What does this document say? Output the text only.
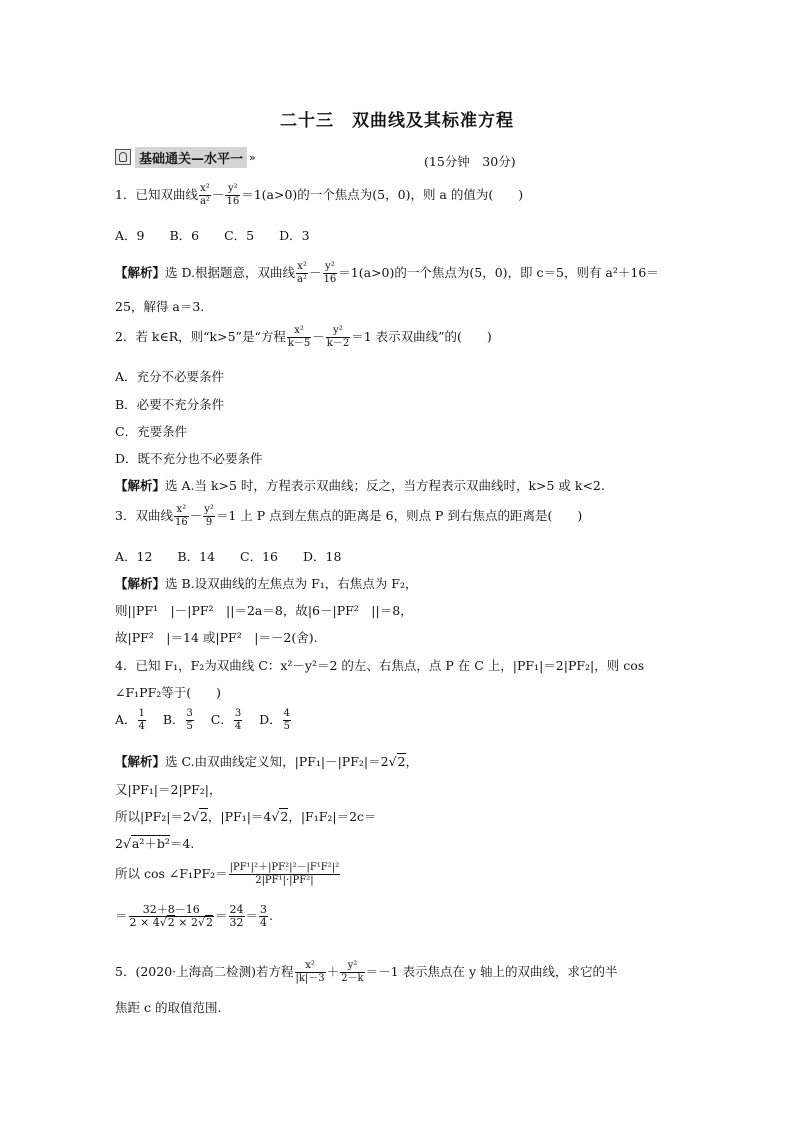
二十三　双曲线及其标准方程
基础通关—水平一 »	(15分钟　30分)
1．已知双曲线 $\frac{\text{x²}}{\text{a²}} - \frac{\text{y²}}{16} =1(a>0)$的一个焦点为(5，0)，则 a 的值为(　　)
A．9　　B．6　　C．5　　D．3
【解析】选 D.根据题意，双曲线 $\frac{\text{x²}}{\text{a²}} - \frac{\text{y²}}{16} =1(a>0)$的一个焦点为(5，0)，即 c＝5，则有 a²＋16＝
25，解得 a＝3.
2．若 k∈R，则“k>5”是“方程 $\frac{\text{x²}}{k-5} - \frac{\text{y²}}{k-2} =1$ 表示双曲线”的(　　)
A．充分不必要条件
B．必要不充分条件
C．充要条件
D．既不充分也不必要条件
【解析】选 A.当 k>5 时，方程表示双曲线；反之，当方程表示双曲线时，k>5 或 k<2.
3．双曲线 $\frac{\text{x²}}{16} - \frac{\text{y²}}{9} =1$ 上 P 点到左焦点的距离是 6，则点 P 到右焦点的距离是(　　)
A．12　　B．14　　C．16　　D．18
【解析】选 B.设双曲线的左焦点为 F₁，右焦点为 F₂，
则||PF¹　|－|PF²　||＝2a＝8，故|6－|PF²　||＝8，
故|PF²　|＝14 或|PF²　|＝－2(舍).
4．已知 F₁，F₂为双曲线 C：x²－y²＝2 的左、右焦点，点 P 在 C 上，|PF₁|＝2|PF₂|，则 cos
∠F₁PF₂等于(　　)
A． $\frac{1}{4}$ B． $\frac{3}{5}$ C． $\frac{3}{4}$ D． $\frac{4}{5}$
【解析】选 C.由双曲线定义知，|PF₁|－|PF₂|＝2√2，
又|PF₁|＝2|PF₂|，
所以|PF₂|＝2√2，|PF₁|＝4√2，|F₁F₂|＝2c＝
2√a²＋b²＝4.
所以 cos ∠F₁PF₂＝ $\frac{\text{|PF¹|²＋|PF²|²－|F¹F²|²}}{\text{2|PF¹|·|PF²|}}$
＝ $\frac{32+8-16}{2 \times 4√2 \times 2√2} = \frac{24}{32} = \frac{3}{4}$ .
5．(2020·上海高二检测)若方程 $\frac{\text{x²}}{|k|-3} + \frac{\text{y²}}{2-k} =-1$ 表示焦点在 y 轴上的双曲线，求它的半
焦距 c 的取值范围.
